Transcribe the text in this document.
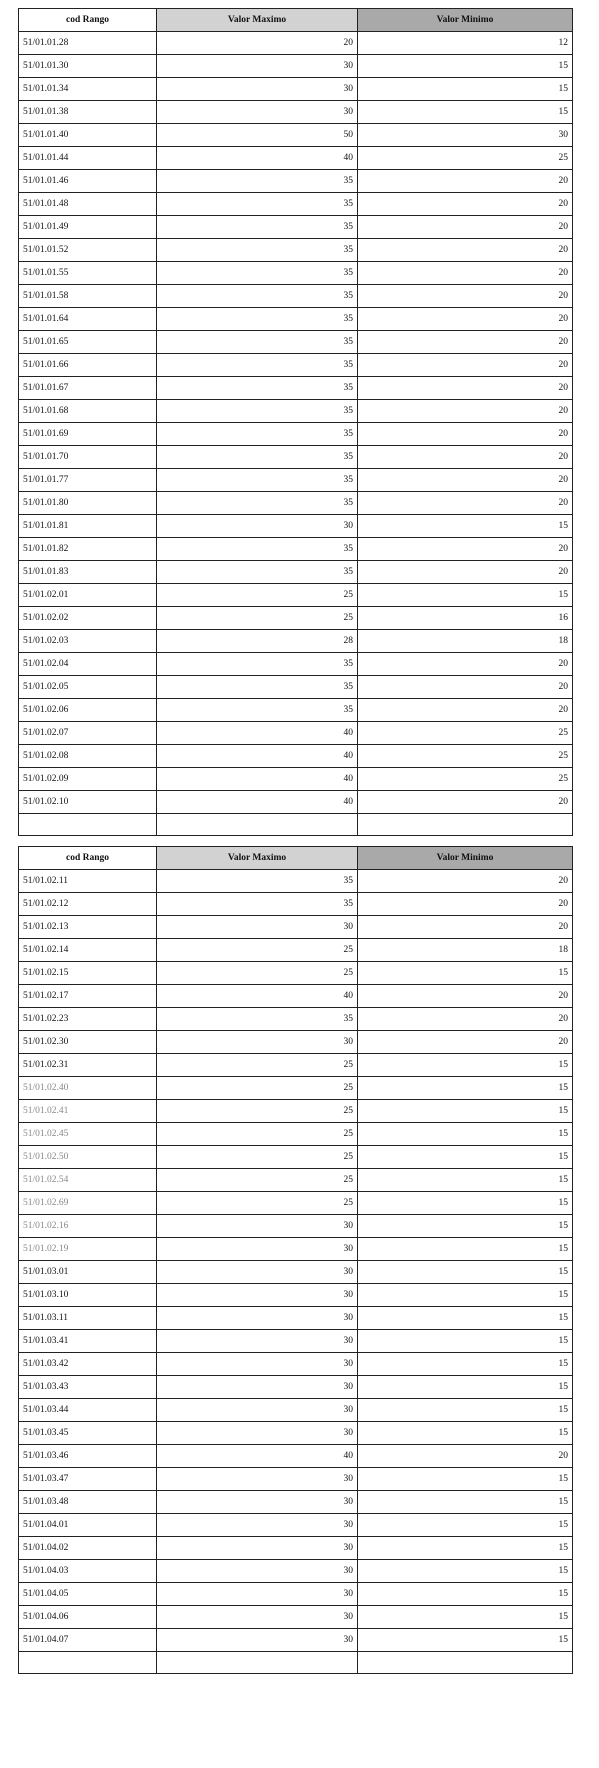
cod Rango	Valor Maximo	Valor Minimo
51/01.01.28	20	12
51/01.01.30	30	15
51/01.01.34	30	15
51/01.01.38	30	15
51/01.01.40	50	30
51/01.01.44	40	25
51/01.01.46	35	20
51/01.01.48	35	20
51/01.01.49	35	20
51/01.01.52	35	20
51/01.01.55	35	20
51/01.01.58	35	20
51/01.01.64	35	20
51/01.01.65	35	20
51/01.01.66	35	20
51/01.01.67	35	20
51/01.01.68	35	20
51/01.01.69	35	20
51/01.01.70	35	20
51/01.01.77	35	20
51/01.01.80	35	20
51/01.01.81	30	15
51/01.01.82	35	20
51/01.01.83	35	20
51/01.02.01	25	15
51/01.02.02	25	16
51/01.02.03	28	18
51/01.02.04	35	20
51/01.02.05	35	20
51/01.02.06	35	20
51/01.02.07	40	25
51/01.02.08	40	25
51/01.02.09	40	25
51/01.02.10	40	20

cod Rango	Valor Maximo	Valor Minimo
51/01.02.11	35	20
51/01.02.12	35	20
51/01.02.13	30	20
51/01.02.14	25	18
51/01.02.15	25	15
51/01.02.17	40	20
51/01.02.23	35	20
51/01.02.30	30	20
51/01.02.31	25	15
51/01.02.40	25	15
51/01.02.41	25	15
51/01.02.45	25	15
51/01.02.50	25	15
51/01.02.54	25	15
51/01.02.69	25	15
51/01.02.16	30	15
51/01.02.19	30	15
51/01.03.01	30	15
51/01.03.10	30	15
51/01.03.11	30	15
51/01.03.41	30	15
51/01.03.42	30	15
51/01.03.43	30	15
51/01.03.44	30	15
51/01.03.45	30	15
51/01.03.46	40	20
51/01.03.47	30	15
51/01.03.48	30	15
51/01.04.01	30	15
51/01.04.02	30	15
51/01.04.03	30	15
51/01.04.05	30	15
51/01.04.06	30	15
51/01.04.07	30	15
